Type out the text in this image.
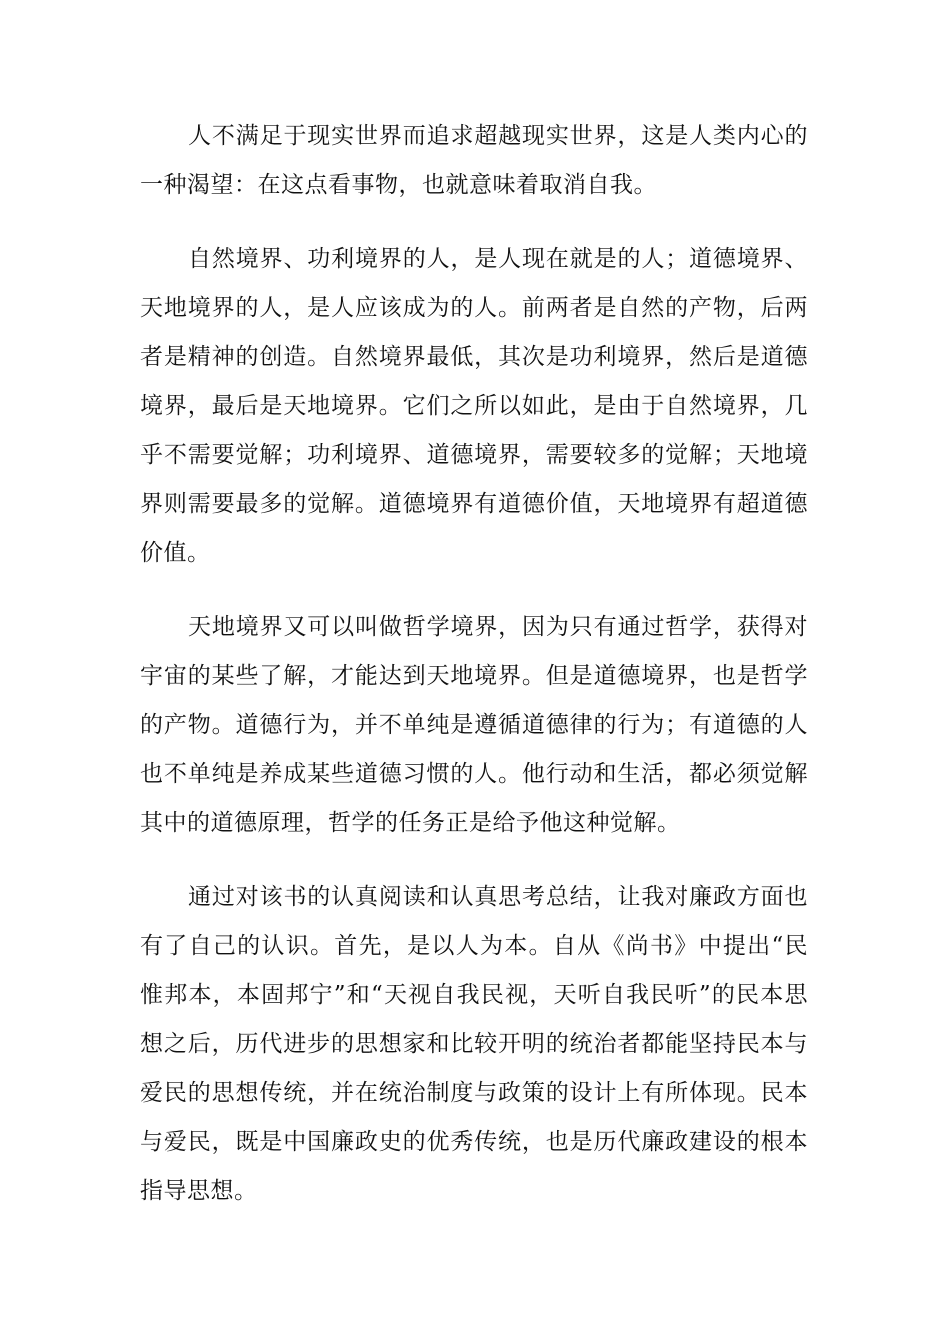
人不满足于现实世界而追求超越现实世界，这是人类内心的一种渴望：在这点看事物，也就意味着取消自我。

自然境界、功利境界的人，是人现在就是的人；道德境界、天地境界的人，是人应该成为的人。前两者是自然的产物，后两者是精神的创造。自然境界最低，其次是功利境界，然后是道德境界，最后是天地境界。它们之所以如此，是由于自然境界，几乎不需要觉解；功利境界、道德境界，需要较多的觉解；天地境界则需要最多的觉解。道德境界有道德价值，天地境界有超道德价值。

天地境界又可以叫做哲学境界，因为只有通过哲学，获得对宇宙的某些了解，才能达到天地境界。但是道德境界，也是哲学的产物。道德行为，并不单纯是遵循道德律的行为；有道德的人也不单纯是养成某些道德习惯的人。他行动和生活，都必须觉解其中的道德原理，哲学的任务正是给予他这种觉解。

通过对该书的认真阅读和认真思考总结，让我对廉政方面也有了自己的认识。首先，是以人为本。自从《尚书》中提出“民惟邦本，本固邦宁”和“天视自我民视，天听自我民听”的民本思想之后，历代进步的思想家和比较开明的统治者都能坚持民本与爱民的思想传统，并在统治制度与政策的设计上有所体现。民本与爱民，既是中国廉政史的优秀传统，也是历代廉政建设的根本指导思想。
